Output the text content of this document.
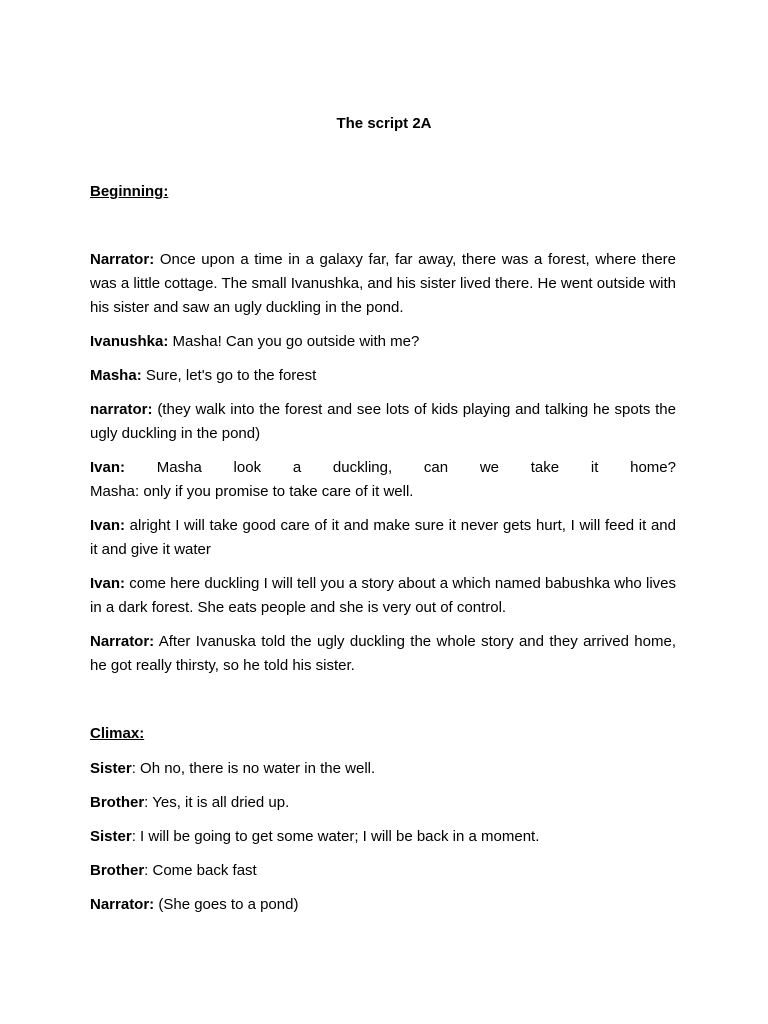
The script 2A
Beginning:
Narrator: Once upon a time in a galaxy far, far away, there was a forest, where there was a little cottage. The small Ivanushka, and his sister lived there. He went outside with his sister and saw an ugly duckling in the pond.
Ivanushka: Masha! Can you go outside with me?
Masha: Sure, let's go to the forest
narrator: (they walk into the forest and see lots of kids playing and talking he spots the ugly duckling in the pond)
Ivan: Masha look a duckling, can we take it home?
Masha: only if you promise to take care of it well.
Ivan: alright I will take good care of it and make sure it never gets hurt, I will feed it and it and give it water
Ivan: come here duckling I will tell you a story about a which named babushka who lives in a dark forest. She eats people and she is very out of control.
Narrator: After Ivanuska told the ugly duckling the whole story and they arrived home, he got really thirsty, so he told his sister.
Climax:
Sister: Oh no, there is no water in the well.
Brother: Yes, it is all dried up.
Sister: I will be going to get some water; I will be back in a moment.
Brother: Come back fast
Narrator: (She goes to a pond)
